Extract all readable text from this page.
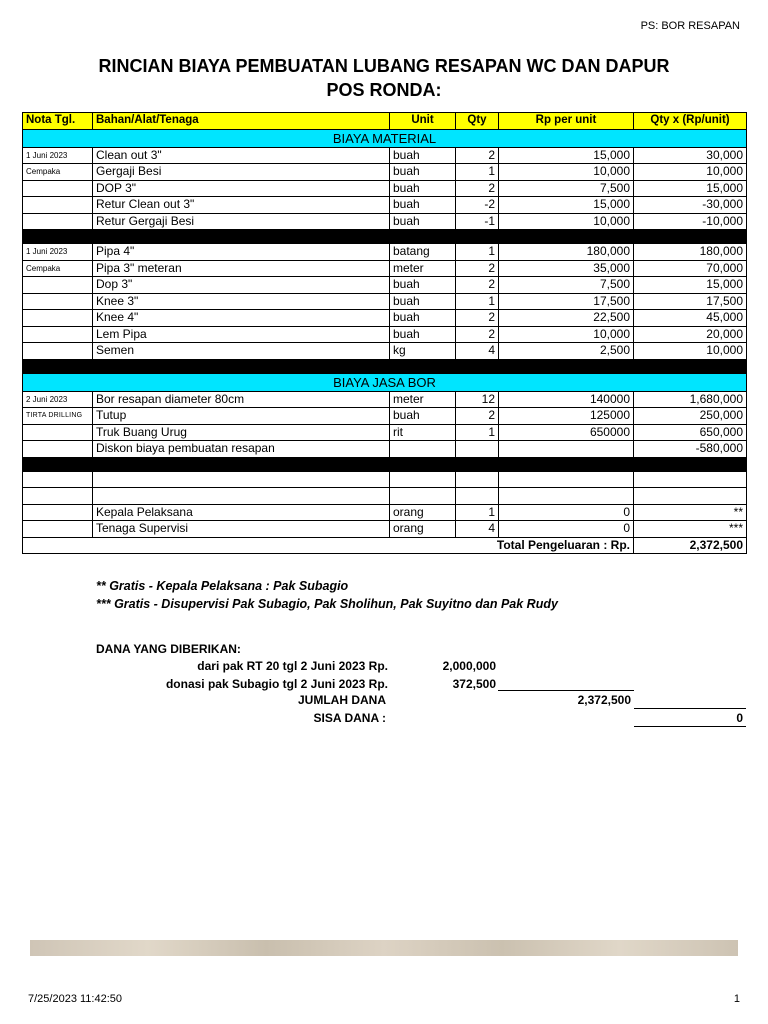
PS: BOR RESAPAN
RINCIAN BIAYA PEMBUATAN LUBANG RESAPAN WC DAN DAPUR
POS RONDA:
Nota Tgl.	Bahan/Alat/Tenaga	Unit	Qty	Rp per unit	Qty x (Rp/unit)
BIAYA MATERIAL					
1 Juni 2023	Clean out 3"	buah	2	15,000	30,000
Cempaka	Gergaji Besi	buah	1	10,000	10,000
	DOP 3"	buah	2	7,500	15,000
	Retur Clean out 3"	buah	-2	15,000	-30,000
	Retur Gergaji Besi	buah	-1	10,000	-10,000

1 Juni 2023	Pipa 4"	batang	1	180,000	180,000
Cempaka	Pipa 3" meteran	meter	2	35,000	70,000
	Dop 3"	buah	2	7,500	15,000
	Knee 3"	buah	1	17,500	17,500
	Knee 4"	buah	2	22,500	45,000
	Lem Pipa	buah	2	10,000	20,000
	Semen	kg	4	2,500	10,000

BIAYA JASA BOR					
2 Juni 2023	Bor resapan diameter 80cm	meter	12	140000	1,680,000
TIRTA DRILLING	Tutup	buah	2	125000	250,000
	Truk Buang Urug	rit	1	650000	650,000
	Diskon biaya pembuatan resapan				-580,000

	Kepala Pelaksana	orang	1	0	**
	Tenaga Supervisi	orang	4	0	***
Total Pengeluaran : Rp.					2,372,500
** Gratis - Kepala Pelaksana : Pak Subagio
*** Gratis - Disupervisi Pak Subagio, Pak Sholihun, Pak Suyitno dan Pak Rudy
DANA YANG DIBERIKAN:
dari pak RT 20 tgl 2 Juni 2023 Rp.	2,000,000
donasi pak Subagio tgl 2 Juni 2023 Rp.	372,500
JUMLAH DANA	2,372,500
SISA DANA :	0
7/25/2023 11:42:50	1
